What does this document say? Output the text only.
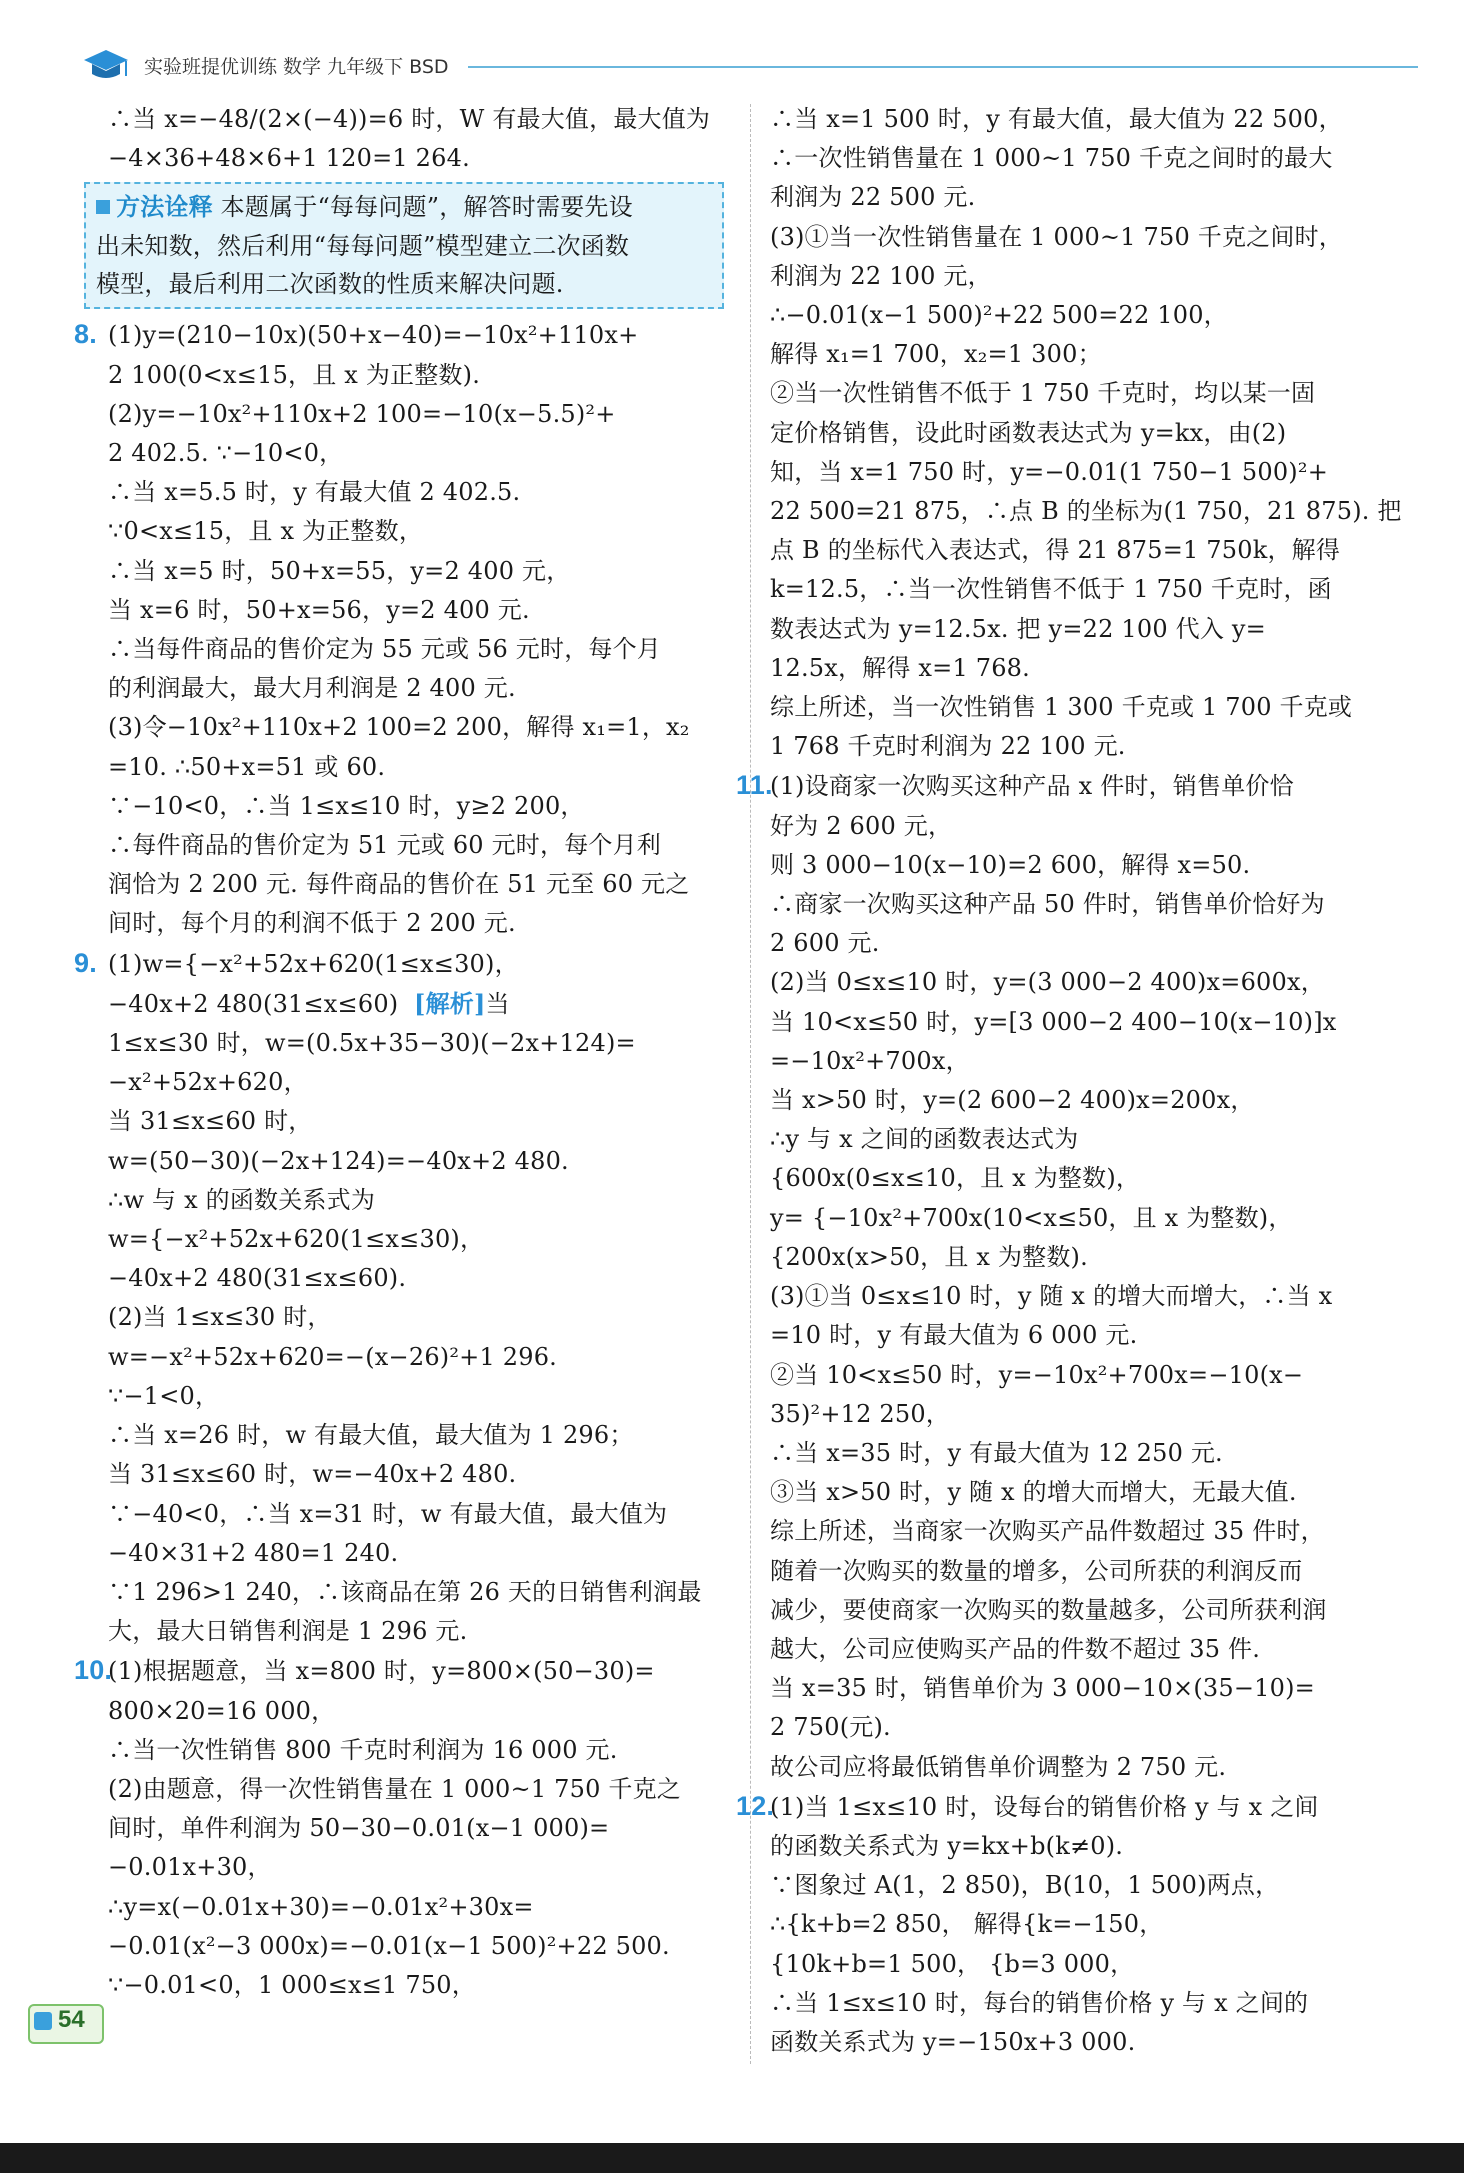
实验班提优训练 数学 九年级下 BSD
∴当 x=−48/(2×(−4))=6 时，W 有最大值，最大值为
−4×36+48×6+1 120=1 264.
方法诠释 本题属于“每每问题”，解答时需要先设
出未知数，然后利用“每每问题”模型建立二次函数
模型，最后利用二次函数的性质来解决问题.
8. (1)y=(210−10x)(50+x−40)=−10x²+110x+
2 100(0<x≤15，且 x 为正整数).
(2)y=−10x²+110x+2 100=−10(x−5.5)²+
2 402.5. ∵−10<0，
∴当 x=5.5 时，y 有最大值 2 402.5.
∵0<x≤15，且 x 为正整数，
∴当 x=5 时，50+x=55，y=2 400 元，
当 x=6 时，50+x=56，y=2 400 元.
∴当每件商品的售价定为 55 元或 56 元时，每个月
的利润最大，最大月利润是 2 400 元.
(3)令−10x²+110x+2 100=2 200，解得 x₁=1，x₂
=10. ∴50+x=51 或 60.
∵−10<0，∴当 1≤x≤10 时，y≥2 200，
∴每件商品的售价定为 51 元或 60 元时，每个月利
润恰为 2 200 元. 每件商品的售价在 51 元至 60 元之
间时，每个月的利润不低于 2 200 元.
9. (1)w={−x²+52x+620(1≤x≤30)，
−40x+2 480(31≤x≤60) [解析]当
1≤x≤30 时，w=(0.5x+35−30)(−2x+124)=
−x²+52x+620，
当 31≤x≤60 时，
w=(50−30)(−2x+124)=−40x+2 480.
∴w 与 x 的函数关系式为
w={−x²+52x+620(1≤x≤30)，
−40x+2 480(31≤x≤60).
(2)当 1≤x≤30 时，
w=−x²+52x+620=−(x−26)²+1 296.
∵−1<0，
∴当 x=26 时，w 有最大值，最大值为 1 296；
当 31≤x≤60 时，w=−40x+2 480.
∵−40<0，∴当 x=31 时，w 有最大值，最大值为
−40×31+2 480=1 240.
∵1 296>1 240，∴该商品在第 26 天的日销售利润最
大，最大日销售利润是 1 296 元.
10.(1)根据题意，当 x=800 时，y=800×(50−30)=
800×20=16 000，
∴当一次性销售 800 千克时利润为 16 000 元.
(2)由题意，得一次性销售量在 1 000~1 750 千克之
间时，单件利润为 50−30−0.01(x−1 000)=
−0.01x+30，
∴y=x(−0.01x+30)=−0.01x²+30x=
−0.01(x²−3 000x)=−0.01(x−1 500)²+22 500.
∵−0.01<0，1 000≤x≤1 750，
∴当 x=1 500 时，y 有最大值，最大值为 22 500，
∴一次性销售量在 1 000~1 750 千克之间时的最大
利润为 22 500 元.
(3)①当一次性销售量在 1 000~1 750 千克之间时，
利润为 22 100 元，
∴−0.01(x−1 500)²+22 500=22 100，
解得 x₁=1 700，x₂=1 300；
②当一次性销售不低于 1 750 千克时，均以某一固
定价格销售，设此时函数表达式为 y=kx，由(2)
知，当 x=1 750 时，y=−0.01(1 750−1 500)²+
22 500=21 875，∴点 B 的坐标为(1 750，21 875). 把
点 B 的坐标代入表达式，得 21 875=1 750k，解得
k=12.5，∴当一次性销售不低于 1 750 千克时，函
数表达式为 y=12.5x. 把 y=22 100 代入 y=
12.5x，解得 x=1 768.
综上所述，当一次性销售 1 300 千克或 1 700 千克或
1 768 千克时利润为 22 100 元.
11.(1)设商家一次购买这种产品 x 件时，销售单价恰
好为 2 600 元，
则 3 000−10(x−10)=2 600，解得 x=50.
∴商家一次购买这种产品 50 件时，销售单价恰好为
2 600 元.
(2)当 0≤x≤10 时，y=(3 000−2 400)x=600x，
当 10<x≤50 时，y=[3 000−2 400−10(x−10)]x
=−10x²+700x，
当 x>50 时，y=(2 600−2 400)x=200x，
∴y 与 x 之间的函数表达式为
{600x(0≤x≤10，且 x 为整数)，
y= {−10x²+700x(10<x≤50，且 x 为整数)，
{200x(x>50，且 x 为整数).
(3)①当 0≤x≤10 时，y 随 x 的增大而增大，∴当 x
=10 时，y 有最大值为 6 000 元.
②当 10<x≤50 时，y=−10x²+700x=−10(x−
35)²+12 250，
∴当 x=35 时，y 有最大值为 12 250 元.
③当 x>50 时，y 随 x 的增大而增大，无最大值.
综上所述，当商家一次购买产品件数超过 35 件时，
随着一次购买的数量的增多，公司所获的利润反而
减少，要使商家一次购买的数量越多，公司所获利润
越大，公司应使购买产品的件数不超过 35 件.
当 x=35 时，销售单价为 3 000−10×(35−10)=
2 750(元).
故公司应将最低销售单价调整为 2 750 元.
12.(1)当 1≤x≤10 时，设每台的销售价格 y 与 x 之间
的函数关系式为 y=kx+b(k≠0).
∵图象过 A(1，2 850)，B(10，1 500)两点，
∴{k+b=2 850， 解得{k=−150，
{10k+b=1 500， {b=3 000，
∴当 1≤x≤10 时，每台的销售价格 y 与 x 之间的
函数关系式为 y=−150x+3 000.
54
